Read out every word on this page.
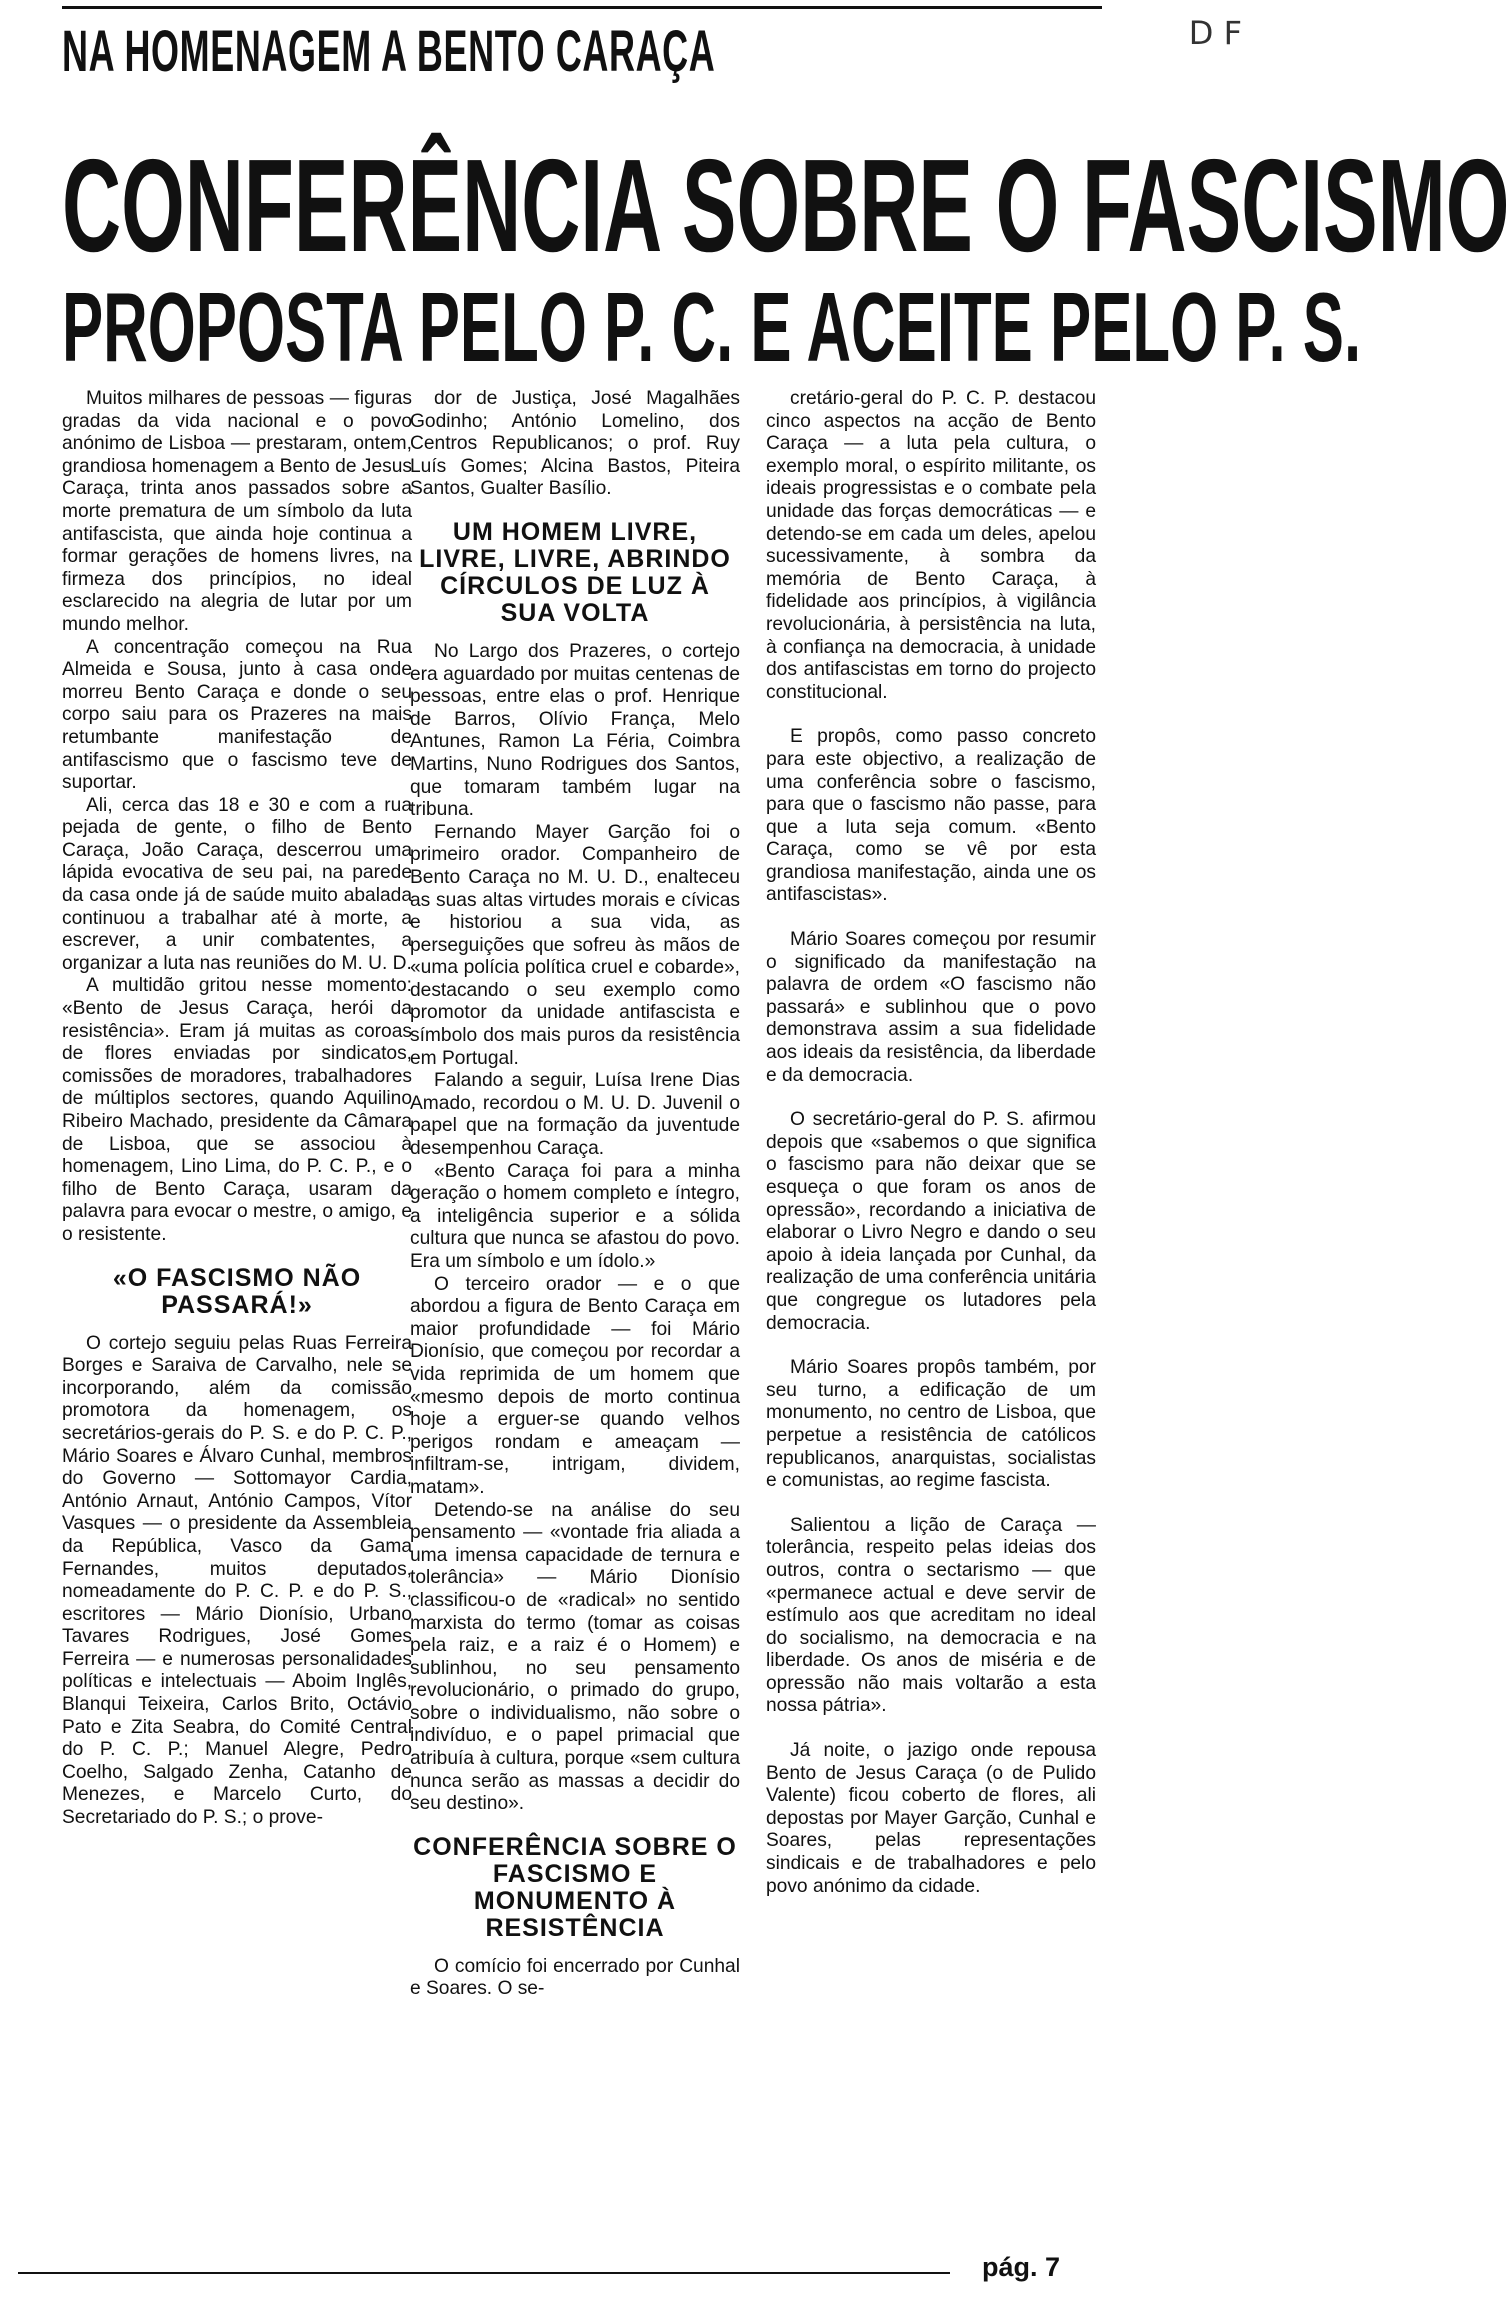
NA HOMENAGEM A BENTO CARAÇA	D F
CONFERÊNCIA SOBRE O FASCISMO
PROPOSTA PELO P. C. E ACEITE PELO P. S.

Muitos milhares de pessoas — figuras gradas da vida nacional e o povo anónimo de Lisboa — prestaram, ontem, grandiosa homenagem a Bento de Jesus Caraça, trinta anos passados sobre a morte prematura de um símbolo da luta antifascista, que ainda hoje continua a formar gerações de homens livres, na firmeza dos princípios, no ideal esclarecido na alegria de lutar por um mundo melhor.

A concentração começou na Rua Almeida e Sousa, junto à casa onde morreu Bento Caraça e donde o seu corpo saiu para os Prazeres na mais retumbante manifestação de antifascismo que o fascismo teve de suportar.

Ali, cerca das 18 e 30 e com a rua pejada de gente, o filho de Bento Caraça, João Caraça, descerrou uma lápida evocativa de seu pai, na parede da casa onde já de saúde muito abalada continuou a trabalhar até à morte, a escrever, a unir combatentes, a organizar a luta nas reuniões do M. U. D.

A multidão gritou nesse momento: «Bento de Jesus Caraça, herói da resistência». Eram já muitas as coroas de flores enviadas por sindicatos, comissões de moradores, trabalhadores de múltiplos sectores, quando Aquilino Ribeiro Machado, presidente da Câmara de Lisboa, que se associou à homenagem, Lino Lima, do P. C. P., e o filho de Bento Caraça, usaram da palavra para evocar o mestre, o amigo, e o resistente.

«O FASCISMO NÃO PASSARÁ!»

O cortejo seguiu pelas Ruas Ferreira Borges e Saraiva de Carvalho, nele se incorporando, além da comissão promotora da homenagem, os secretários-gerais do P. S. e do P. C. P., Mário Soares e Álvaro Cunhal, membros do Governo — Sottomayor Cardia, António Arnaut, António Campos, Vítor Vasques — o presidente da Assembleia da República, Vasco da Gama Fernandes, muitos deputados, nomeadamente do P. C. P. e do P. S., escritores — Mário Dionísio, Urbano Tavares Rodrigues, José Gomes Ferreira — e numerosas personalidades políticas e intelectuais — Aboim Inglês, Blanqui Teixeira, Carlos Brito, Octávio Pato e Zita Seabra, do Comité Central do P. C. P.; Manuel Alegre, Pedro Coelho, Salgado Zenha, Catanho de Menezes, e Marcelo Curto, do Secretariado do P. S.; o prove-

dor de Justiça, José Magalhães Godinho; António Lomelino, dos Centros Republicanos; o prof. Ruy Luís Gomes; Alcina Bastos, Piteira Santos, Gualter Basílio.

UM HOMEM LIVRE, LIVRE, LIVRE, ABRINDO CÍRCULOS DE LUZ À SUA VOLTA

No Largo dos Prazeres, o cortejo era aguardado por muitas centenas de pessoas, entre elas o prof. Henrique de Barros, Olívio França, Melo Antunes, Ramon La Féria, Coimbra Martins, Nuno Rodrigues dos Santos, que tomaram também lugar na tribuna.

Fernando Mayer Garção foi o primeiro orador. Companheiro de Bento Caraça no M. U. D., enalteceu as suas altas virtudes morais e cívicas e historiou a sua vida, as perseguições que sofreu às mãos de «uma polícia política cruel e cobarde», destacando o seu exemplo como promotor da unidade antifascista e símbolo dos mais puros da resistência em Portugal.

Falando a seguir, Luísa Irene Dias Amado, recordou o M. U. D. Juvenil o papel que na formação da juventude desempenhou Caraça.

«Bento Caraça foi para a minha geração o homem completo e íntegro, a inteligência superior e a sólida cultura que nunca se afastou do povo. Era um símbolo e um ídolo.»

O terceiro orador — e o que abordou a figura de Bento Caraça em maior profundidade — foi Mário Dionísio, que começou por recordar a vida reprimida de um homem que «mesmo depois de morto continua hoje a erguer-se quando velhos perigos rondam e ameaçam — infiltram-se, intrigam, dividem, matam».

Detendo-se na análise do seu pensamento — «vontade fria aliada a uma imensa capacidade de ternura e tolerância» — Mário Dionísio classificou-o de «radical» no sentido marxista do termo (tomar as coisas pela raiz, e a raiz é o Homem) e sublinhou, no seu pensamento revolucionário, o primado do grupo, sobre o individualismo, não sobre o indivíduo, e o papel primacial que atribuía à cultura, porque «sem cultura nunca serão as massas a decidir do seu destino».

CONFERÊNCIA SOBRE O FASCISMO E MONUMENTO À RESISTÊNCIA

O comício foi encerrado por Cunhal e Soares. O se-

cretário-geral do P. C. P. destacou cinco aspectos na acção de Bento Caraça — a luta pela cultura, o exemplo moral, o espírito militante, os ideais progressistas e o combate pela unidade das forças democráticas — e detendo-se em cada um deles, apelou sucessivamente, à sombra da memória de Bento Caraça, à fidelidade aos princípios, à vigilância revolucionária, à persistência na luta, à confiança na democracia, à unidade dos antifascistas em torno do projecto constitucional.

E propôs, como passo concreto para este objectivo, a realização de uma conferência sobre o fascismo, para que o fascismo não passe, para que a luta seja comum. «Bento Caraça, como se vê por esta grandiosa manifestação, ainda une os antifascistas».

Mário Soares começou por resumir o significado da manifestação na palavra de ordem «O fascismo não passará» e sublinhou que o povo demonstrava assim a sua fidelidade aos ideais da resistência, da liberdade e da democracia.

O secretário-geral do P. S. afirmou depois que «sabemos o que significa o fascismo para não deixar que se esqueça o que foram os anos de opressão», recordando a iniciativa de elaborar o Livro Negro e dando o seu apoio à ideia lançada por Cunhal, da realização de uma conferência unitária que congregue os lutadores pela democracia.

Mário Soares propôs também, por seu turno, a edificação de um monumento, no centro de Lisboa, que perpetue a resistência de católicos republicanos, anarquistas, socialistas e comunistas, ao regime fascista.

Salientou a lição de Caraça — tolerância, respeito pelas ideias dos outros, contra o sectarismo — que «permanece actual e deve servir de estímulo aos que acreditam no ideal do socialismo, na democracia e na liberdade. Os anos de miséria e de opressão não mais voltarão a esta nossa pátria».

Já noite, o jazigo onde repousa Bento de Jesus Caraça (o de Pulido Valente) ficou coberto de flores, ali depostas por Mayer Garção, Cunhal e Soares, pelas representações sindicais e de trabalhadores e pelo povo anónimo da cidade.

pág. 7
